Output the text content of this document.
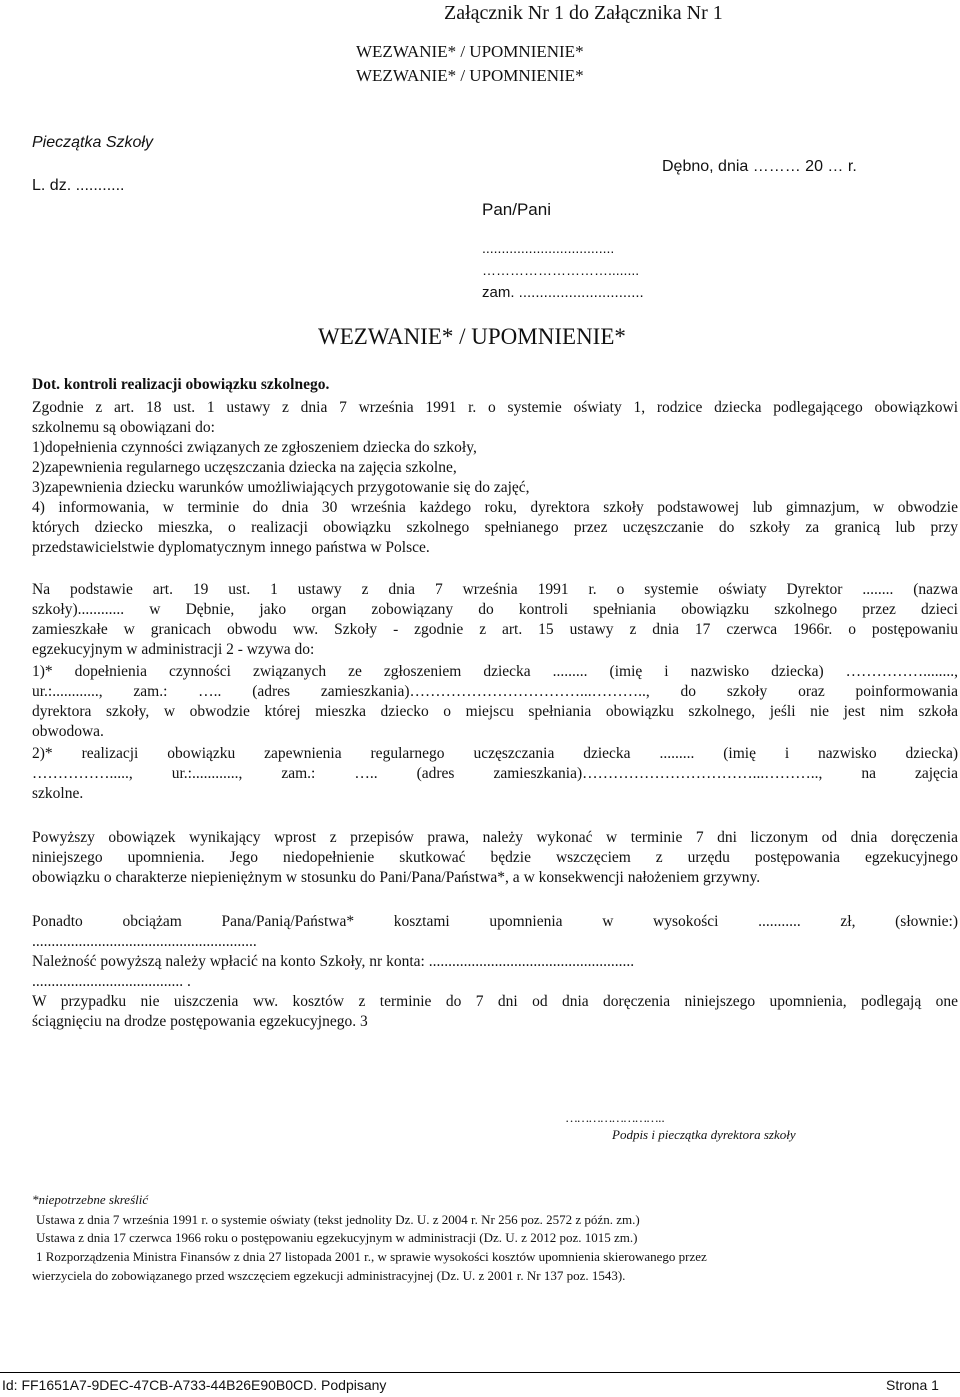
Załącznik Nr 1 do Załącznika Nr 1
WEZWANIE* / UPOMNIENIE*
WEZWANIE* / UPOMNIENIE*
Pieczątka Szkoły
L. dz. ...........
Dębno, dnia ……… 20 … r.
Pan/Pani
..................................
………………………........
zam. ..............................
WEZWANIE* / UPOMNIENIE*
Dot. kontroli realizacji obowiązku szkolnego.
Zgodnie z art. 18 ust. 1 ustawy z dnia 7 września 1991 r. o systemie oświaty 1, rodzice dziecka podlegającego obowiązkowi
szkolnemu są obowiązani do:
1)dopełnienia czynności związanych ze zgłoszeniem dziecka do szkoły,
2)zapewnienia regularnego uczęszczania dziecka na zajęcia szkolne,
3)zapewnienia dziecku warunków umożliwiających przygotowanie się do zajęć,
4) informowania, w terminie do dnia 30 września każdego roku, dyrektora szkoły podstawowej lub gimnazjum, w obwodzie
których dziecko mieszka, o realizacji obowiązku szkolnego spełnianego przez uczęszczanie do szkoły za granicą lub przy
przedstawicielstwie dyplomatycznym innego państwa w Polsce.
Na podstawie art. 19 ust. 1 ustawy z dnia 7 września 1991 r. o systemie oświaty Dyrektor ........ (nazwa
szkoły)............ w Dębnie, jako organ zobowiązany do kontroli spełniania obowiązku szkolnego przez dzieci
zamieszkałe w granicach obwodu ww. Szkoły - zgodnie z art. 15 ustawy z dnia 17 czerwca 1966r. o postępowaniu
egzekucyjnym w administracji 2 - wzywa do:
1)* dopełnienia czynności związanych ze zgłoszeniem dziecka ......... (imię i nazwisko dziecka) ……………........,
ur.:............, zam.: ….. (adres zamieszkania)……………………………...……….., do szkoły oraz poinformowania
dyrektora szkoły, w obwodzie której mieszka dziecko o miejscu spełniania obowiązku szkolnego, jeśli nie jest nim szkoła
obwodowa.
2)* realizacji obowiązku zapewnienia regularnego uczęszczania dziecka ......... (imię i nazwisko dziecka)
……………....., ur.:............, zam.: ….. (adres zamieszkania)……………………………...……….., na zajęcia
szkolne.
Powyższy obowiązek wynikający wprost z przepisów prawa, należy wykonać w terminie 7 dni liczonym od dnia doręczenia
niniejszego upomnienia. Jego niedopełnienie skutkować będzie wszczęciem z urzędu postępowania egzekucyjnego
obowiązku o charakterze niepieniężnym w stosunku do Pani/Pana/Państwa*, a w konsekwencji nałożeniem grzywny.
Ponadto obciążam Pana/Panią/Państwa* kosztami upomnienia w wysokości ........... zł, (słownie:)
..........................................................
Należność powyższą należy wpłacić na konto Szkoły, nr konta: .....................................................
....................................... .
W przypadku nie uiszczenia ww. kosztów z terminie do 7 dni od dnia doręczenia niniejszego upomnienia, podlegają one
ściągnięciu na drodze postępowania egzekucyjnego. 3
……………………..
Podpis i pieczątka dyrektora szkoły
*niepotrzebne skreślić
Ustawa z dnia 7 września 1991 r. o systemie oświaty (tekst jednolity Dz. U. z 2004 r. Nr 256 poz. 2572 z późn. zm.)
Ustawa z dnia 17 czerwca 1966 roku o postępowaniu egzekucyjnym w administracji (Dz. U. z 2012 poz. 1015 zm.)
1 Rozporządzenia Ministra Finansów z dnia 27 listopada 2001 r., w sprawie wysokości kosztów upomnienia skierowanego przez
wierzyciela do zobowiązanego przed wszczęciem egzekucji administracyjnej (Dz. U. z 2001 r. Nr 137 poz. 1543).
Id: FF1651A7-9DEC-47CB-A733-44B26E90B0CD. Podpisany	Strona 1
